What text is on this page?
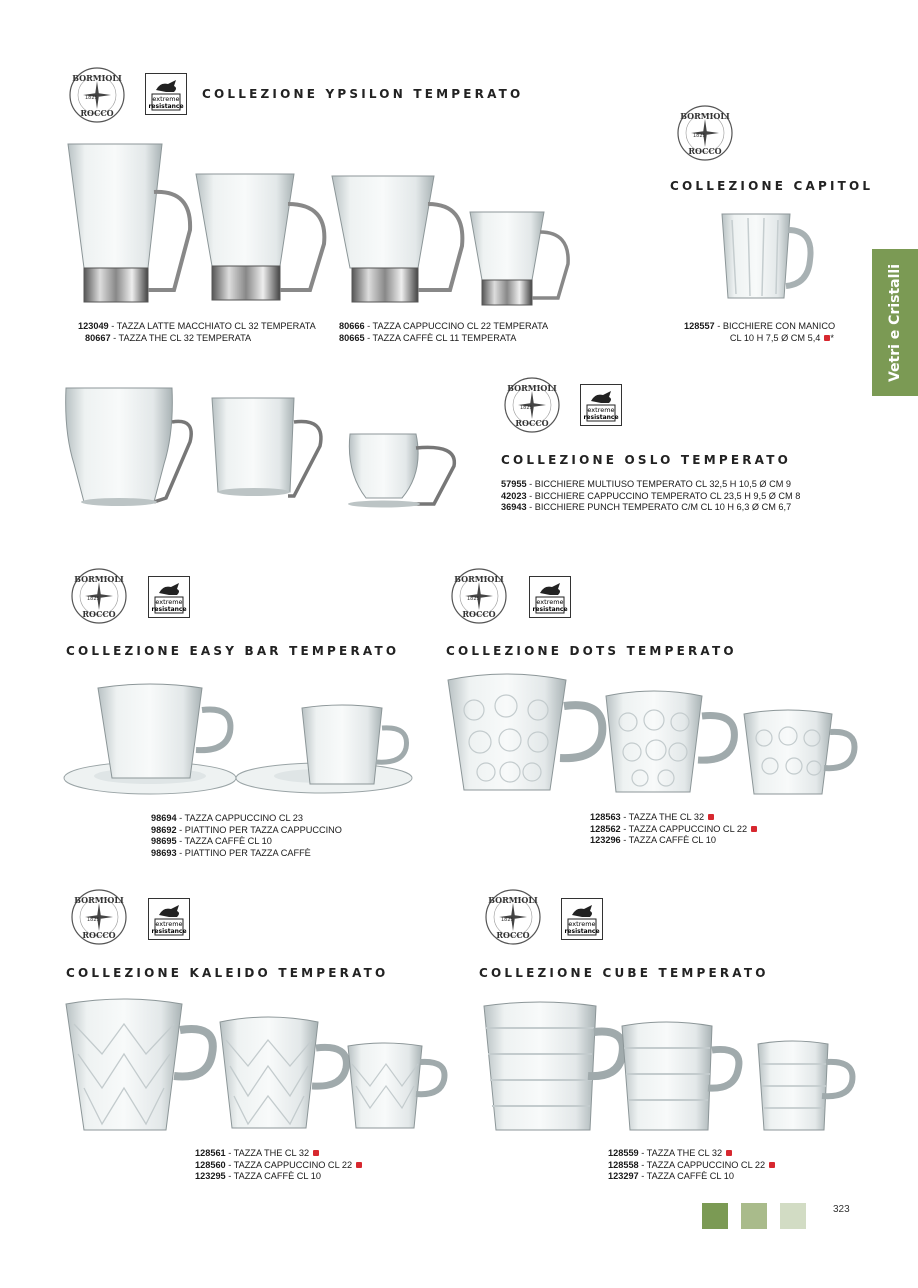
BORMIOLI
1825
ROCCO
extreme
resistance
COLLEZIONE YPSILON TEMPERATO
123049 - TAZZA LATTE MACCHIATO CL 32 TEMPERATA
80667 - TAZZA THE CL 32 TEMPERATA
80666 - TAZZA CAPPUCCINO CL 22 TEMPERATA
80665 - TAZZA CAFFÈ CL 11 TEMPERATA
BORMIOLI
1825
ROCCO
COLLEZIONE CAPITOL
128557 - BICCHIERE CON MANICO
CL 10 H 7,5 Ø CM 5,4 *	Vetri e Cristalli
BORMIOLI
1825
ROCCO
extreme
resistance
COLLEZIONE OSLO TEMPERATO
57955 - BICCHIERE MULTIUSO TEMPERATO CL 32,5 H 10,5 Ø CM 9
42023 - BICCHIERE CAPPUCCINO TEMPERATO CL 23,5 H 9,5 Ø CM 8
36943 - BICCHIERE PUNCH TEMPERATO C/M CL 10 H 6,3 Ø CM 6,7
BORMIOLI
1825
ROCCO
extreme
resistance
COLLEZIONE EASY BAR TEMPERATO
98694 - TAZZA CAPPUCCINO CL 23
98692 - PIATTINO PER TAZZA CAPPUCCINO
98695 - TAZZA CAFFÈ CL 10
98693 - PIATTINO PER TAZZA CAFFÈ
BORMIOLI
1825
ROCCO
extreme
resistance
COLLEZIONE DOTS TEMPERATO
128563 - TAZZA THE CL 32
128562 - TAZZA CAPPUCCINO CL 22
123296 - TAZZA CAFFÈ CL 10
BORMIOLI
1825
ROCCO
extreme
resistance
COLLEZIONE KALEIDO TEMPERATO
128561 - TAZZA THE CL 32
128560 - TAZZA CAPPUCCINO CL 22
123295 - TAZZA CAFFÈ CL 10
BORMIOLI
1825
ROCCO
extreme
resistance
COLLEZIONE CUBE TEMPERATO
128559 - TAZZA THE CL 32
128558 - TAZZA CAPPUCCINO CL 22
123297 - TAZZA CAFFÈ CL 10
323
